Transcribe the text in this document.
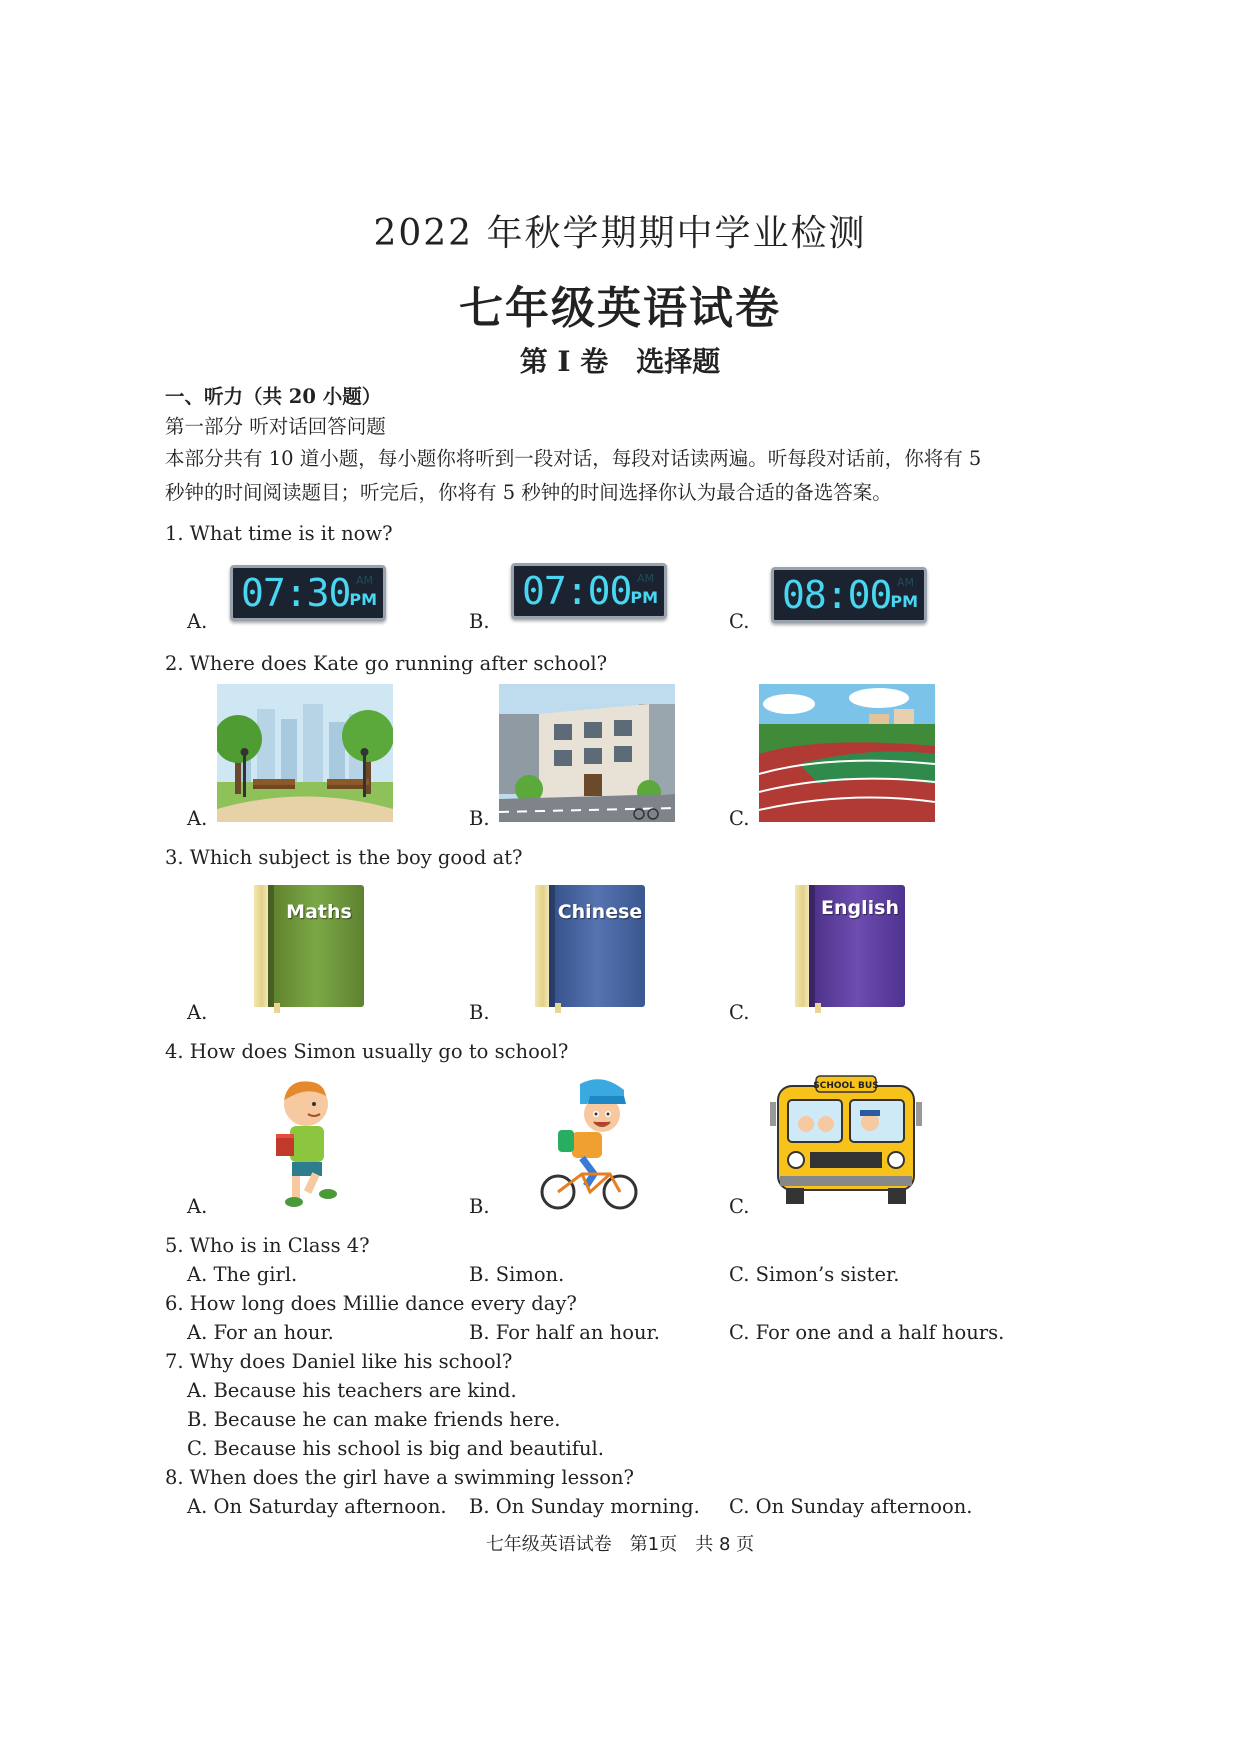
2022 年秋学期期中学业检测
七年级英语试卷
第 I 卷　选择题
一、听力（共 20 小题）
第一部分 听对话回答问题
本部分共有 10 道小题，每小题你将听到一段对话，每段对话读两遍。听每段对话前，你将有 5
秒钟的时间阅读题目；听完后，你将有 5 秒钟的时间选择你认为最合适的备选答案。
1. What time is it now?
A.
07:30 AM
PM
B.
07:00 AM
PM
C.
08:00 AM
PM
2. Where does Kate go running after school?
A.	B.	C.
3. Which subject is the boy good at?
A.
Maths
B.
Chinese
C.
English
4. How does Simon usually go to school?
A.	B.	C.
SCHOOL BUS
5. Who is in Class 4?
A. The girl.	B. Simon.	C. Simon’s sister.
6. How long does Millie dance every day?
A. For an hour.	B. For half an hour.	C. For one and a half hours.
7. Why does Daniel like his school?
A. Because his teachers are kind.
B. Because he can make friends here.
C. Because his school is big and beautiful.
8. When does the girl have a swimming lesson?
A. On Saturday afternoon. B. On Sunday morning. C. On Sunday afternoon.
七年级英语试卷　第1页　共 8 页
